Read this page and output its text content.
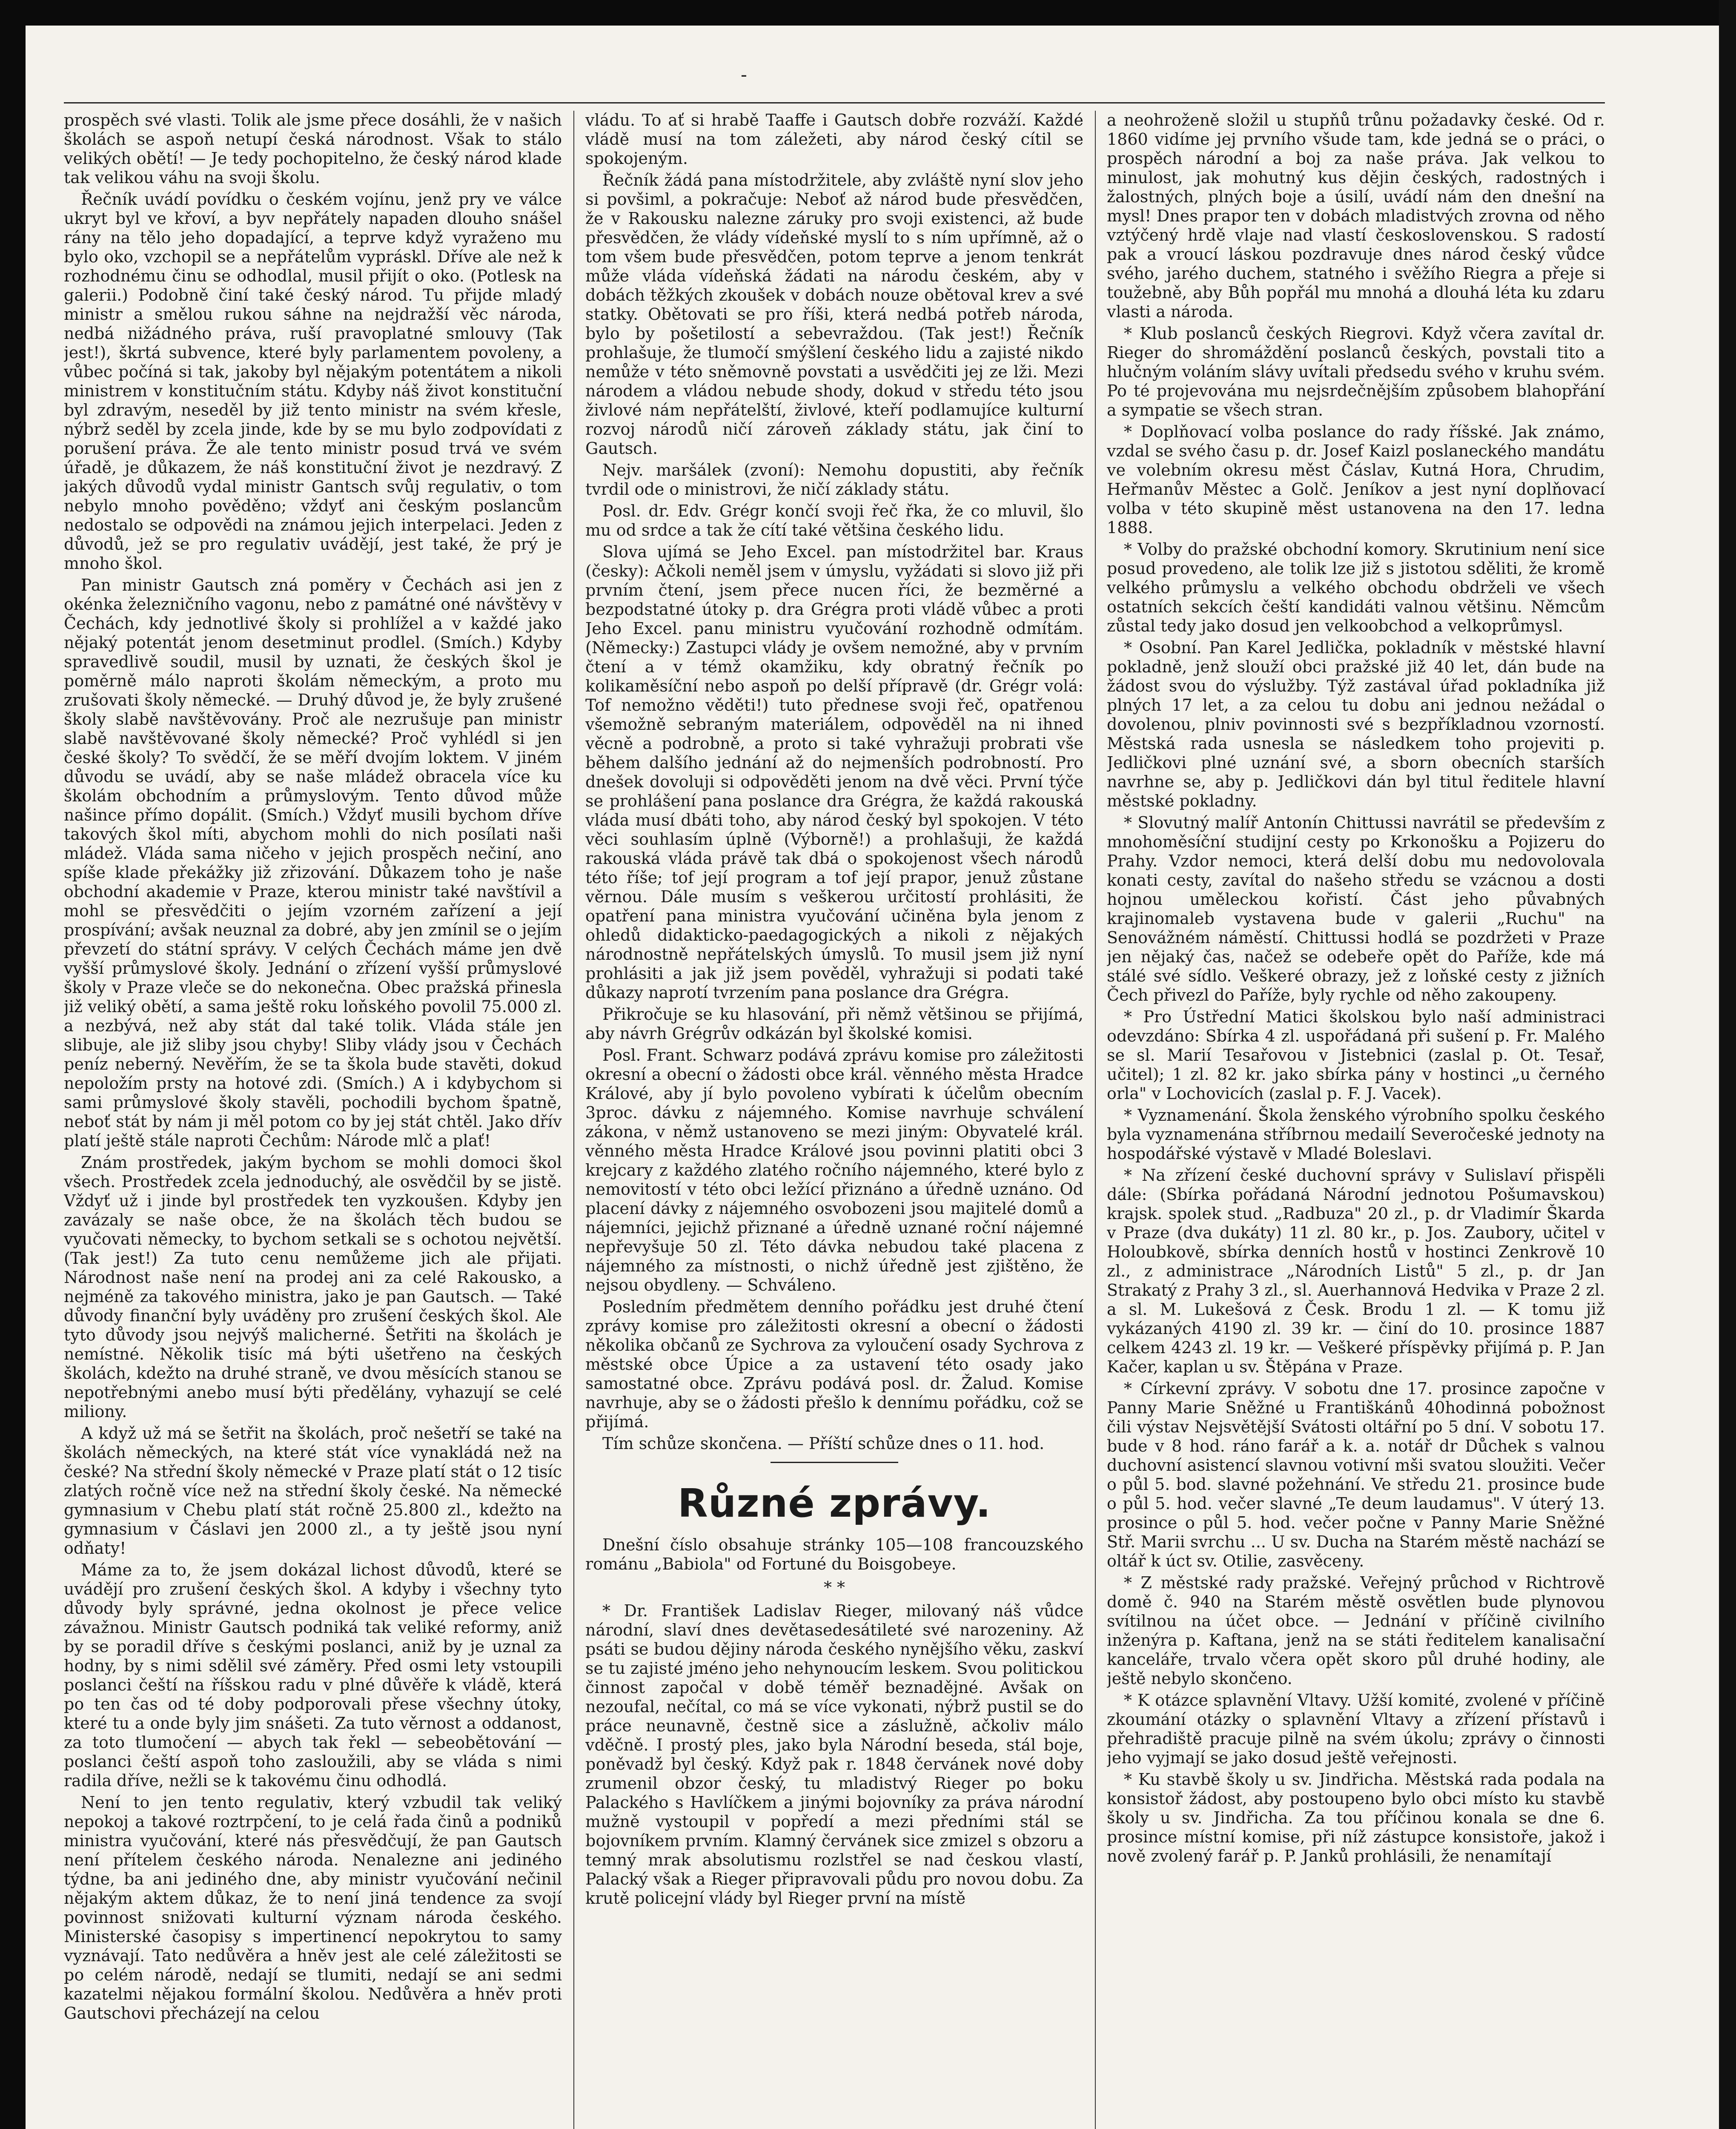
prospěch své vlasti. Tolik ale jsme přece dosáhli, že v našich školách se aspoň netupí česká národnost. Však to stálo velikých obětí! — Je tedy pochopitelno, že český národ klade tak velikou váhu na svoji školu.

Řečník uvádí povídku o českém vojínu, jenž pry ve válce ukryt byl ve křoví, a byv nepřátely napaden dlouho snášel rány na tělo jeho dopadající, a teprve když vyraženo mu bylo oko, vzchopil se a nepřátelům vypráskl. Dříve ale než k rozhodnému činu se odhodlal, musil přijít o oko. (Potlesk na galerii.) Podobně činí také český národ. Tu přijde mladý ministr a smělou rukou sáhne na nejdražší věc národa, nedbá nižádného práva, ruší pravoplatné smlouvy (Tak jest!), škrtá subvence, které byly parlamentem povoleny, a vůbec počíná si tak, jakoby byl nějakým potentátem a nikoli ministrem v konstitučním státu. Kdyby náš život konstituční byl zdravým, neseděl by již tento ministr na svém křesle, nýbrž seděl by zcela jinde, kde by se mu bylo zodpovídati z porušení práva. Že ale tento ministr posud trvá ve svém úřadě, je důkazem, že náš konstituční život je nezdravý. Z jakých důvodů vydal ministr Gantsch svůj regulativ, o tom nebylo mnoho pověděno; vždyť ani českým poslancům nedostalo se odpovědi na známou jejich interpelaci. Jeden z důvodů, jež se pro regulativ uvádějí, jest také, že prý je mnoho škol.

Pan ministr Gautsch zná poměry v Čechách asi jen z okénka železničního vagonu, nebo z památné oné návštěvy v Čechách, kdy jednotlivé školy si prohlížel a v každé jako nějaký potentát jenom desetminut prodlel. (Smích.) Kdyby spravedlivě soudil, musil by uznati, že českých škol je poměrně málo naproti školám německým, a proto mu zrušovati školy německé. — Druhý důvod je, že byly zrušené školy slabě navštěvovány. Proč ale nezrušuje pan ministr slabě navštěvované školy německé? Proč vyhlédl si jen české školy? To svědčí, že se měří dvojím loktem. V jiném důvodu se uvádí, aby se naše mládež obracela více ku školám obchodním a průmyslovým. Tento důvod může našince přímo dopálit. (Smích.) Vždyť musili bychom dříve takových škol míti, abychom mohli do nich posílati naši mládež. Vláda sama ničeho v jejich prospěch nečiní, ano spíše klade překážky již zřizování. Důkazem toho je naše obchodní akademie v Praze, kterou ministr také navštívil a mohl se přesvědčiti o jejím vzorném zařízení a její prospívání; avšak neuznal za dobré, aby jen zmínil se o jejím převzetí do státní správy. V celých Čechách máme jen dvě vyšší průmyslové školy. Jednání o zřízení vyšší průmyslové školy v Praze vleče se do nekonečna. Obec pražská přinesla již veliký obětí, a sama ještě roku loňského povolil 75.000 zl. a nezbývá, než aby stát dal také tolik. Vláda stále jen slibuje, ale již sliby jsou chyby! Sliby vlády jsou v Čechách peníz neberný. Nevěřím, že se ta škola bude stavěti, dokud nepoložím prsty na hotové zdi. (Smích.) A i kdybychom si sami průmyslové školy stavěli, pochodili bychom špatně, neboť stát by nám ji měl potom co by jej stát chtěl. Jako dřív platí ještě stále naproti Čechům: Národe mlč a plať!

Znám prostředek, jakým bychom se mohli domoci škol všech. Prostředek zcela jednoduchý, ale osvědčil by se jistě. Vždyť už i jinde byl prostředek ten vyzkoušen. Kdyby jen zavázaly se naše obce, že na školách těch budou se vyučovati německy, to bychom setkali se s ochotou největší. (Tak jest!) Za tuto cenu nemůžeme jich ale přijati. Národnost naše není na prodej ani za celé Rakousko, a nejméně za takového ministra, jako je pan Gautsch. — Také důvody finanční byly uváděny pro zrušení českých škol. Ale tyto důvody jsou nejvýš malicherné. Šetřiti na školách je nemístné. Několik tisíc má býti ušetřeno na českých školách, kdežto na druhé straně, ve dvou měsících stanou se nepotřebnými anebo musí býti předělány, vyhazují se celé miliony.

A když už má se šetřit na školách, proč nešetří se také na školách německých, na které stát více vynakládá než na české? Na střední školy německé v Praze platí stát o 12 tisíc zlatých ročně více než na střední školy české. Na německé gymnasium v Chebu platí stát ročně 25.800 zl., kdežto na gymnasium v Čáslavi jen 2000 zl., a ty ještě jsou nyní odňaty!

Máme za to, že jsem dokázal lichost důvodů, které se uvádějí pro zrušení českých škol. A kdyby i všechny tyto důvody byly správné, jedna okolnost je přece velice závažnou. Ministr Gautsch podniká tak veliké reformy, aniž by se poradil dříve s českými poslanci, aniž by je uznal za hodny, by s nimi sdělil své záměry. Před osmi lety vstoupili poslanci čeští na říšskou radu v plné důvěře k vládě, která po ten čas od té doby podporovali přese všechny útoky, které tu a onde byly jim snášeti. Za tuto věrnost a oddanost, za toto tlumočení — abych tak řekl — sebeobětování — poslanci čeští aspoň toho zasloužili, aby se vláda s nimi radila dříve, nežli se k takovému činu odhodlá.

Není to jen tento regulativ, který vzbudil tak veliký nepokoj a takové roztrpčení, to je celá řada činů a podniků ministra vyučování, které nás přesvědčují, že pan Gautsch není přítelem českého národa. Nenalezne ani jediného týdne, ba ani jediného dne, aby ministr vyučování nečinil nějakým aktem důkaz, že to není jiná tendence za svojí povinnost snižovati kulturní význam národa českého. Ministerské časopisy s impertinencí nepokrytou to samy vyznávají. Tato nedůvěra a hněv jest ale celé záležitosti se po celém národě, nedají se tlumiti, nedají se ani sedmi kazatelmi nějakou formální školou. Nedůvěra a hněv proti Gautschovi přecházejí na celou

vládu. To ať si hrabě Taaffe i Gautsch dobře rozváží. Každé vládě musí na tom záležeti, aby národ český cítil se spokojeným.

Řečník žádá pana místodržitele, aby zvláště nyní slov jeho si povšiml, a pokračuje: Neboť až národ bude přesvědčen, že v Rakousku nalezne záruky pro svoji existenci, až bude přesvědčen, že vlády vídeňské myslí to s ním upřímně, až o tom všem bude přesvědčen, potom teprve a jenom tenkrát může vláda vídeňská žádati na národu českém, aby v dobách těžkých zkoušek v dobách nouze obětoval krev a své statky. Obětovati se pro říši, která nedbá potřeb národa, bylo by pošetilostí a sebevraždou. (Tak jest!) Řečník prohlašuje, že tlumočí smýšlení českého lidu a zajisté nikdo nemůže v této sněmovně povstati a usvědčiti jej ze lži. Mezi národem a vládou nebude shody, dokud v středu této jsou živlové nám nepřátelští, živlové, kteří podlamujíce kulturní rozvoj národů ničí zároveň základy státu, jak činí to Gautsch.

Nejv. maršálek (zvoní): Nemohu dopustiti, aby řečník tvrdil ode o ministrovi, že ničí základy státu.

Posl. dr. Edv. Grégr končí svoji řeč řka, že co mluvil, šlo mu od srdce a tak že cítí také většina českého lidu.

Slova ujímá se Jeho Excel. pan místodržitel bar. Kraus (česky): Ačkoli neměl jsem v úmyslu, vyžádati si slovo již při prvním čtení, jsem přece nucen říci, že bezměrné a bezpodstatné útoky p. dra Grégra proti vládě vůbec a proti Jeho Excel. panu ministru vyučování rozhodně odmítám. (Německy:) Zastupci vlády je ovšem nemožné, aby v prvním čtení a v témž okamžiku, kdy obratný řečník po kolikaměsíční nebo aspoň po delší přípravě (dr. Grégr volá: Tof nemožno věděti!) tuto přednese svoji řeč, opatřenou všemožně sebraným materiálem, odpověděl na ni ihned věcně a podrobně, a proto si také vyhražuji probrati vše během dalšího jednání až do nejmenších podrobností. Pro dnešek dovoluji si odpověděti jenom na dvě věci. První týče se prohlášení pana poslance dra Grégra, že každá rakouská vláda musí dbáti toho, aby národ český byl spokojen. V této věci souhlasím úplně (Výborně!) a prohlašuji, že každá rakouská vláda právě tak dbá o spokojenost všech národů této říše; tof její program a tof její prapor, jenuž zůstane věrnou. Dále musím s veškerou určitostí prohlásiti, že opatření pana ministra vyučování učiněna byla jenom z ohledů didakticko-paedagogických a nikoli z nějakých národnostně nepřátelských úmyslů. To musil jsem již nyní prohlásiti a jak již jsem pověděl, vyhražuji si podati také důkazy naprotí tvrzením pana poslance dra Grégra.

Přikročuje se ku hlasování, při němž většinou se přijímá, aby návrh Grégrův odkázán byl školské komisi.

Posl. Frant. Schwarz podává zprávu komise pro záležitosti okresní a obecní o žádosti obce král. věnného města Hradce Králové, aby jí bylo povoleno vybírati k účelům obecním 3proc. dávku z nájemného. Komise navrhuje schválení zákona, v němž ustanoveno se mezi jiným: Obyvatelé král. věnného města Hradce Králové jsou povinni platiti obci 3 krejcary z každého zlatého ročního nájemného, které bylo z nemovitostí v této obci ležící přiznáno a úředně uznáno. Od placení dávky z nájemného osvobozeni jsou majitelé domů a nájemníci, jejichž přiznané a úředně uznané roční nájemné nepřevyšuje 50 zl. Této dávka nebudou také placena z nájemného za místnosti, o nichž úředně jest zjištěno, že nejsou obydleny. — Schváleno.

Posledním předmětem denního pořádku jest druhé čtení zprávy komise pro záležitosti okresní a obecní o žádosti několika občanů ze Sychrova za vyloučení osady Sychrova z městské obce Úpice a za ustavení této osady jako samostatné obce. Zprávu podává posl. dr. Žalud. Komise navrhuje, aby se o žádosti přešlo k dennímu pořádku, což se přijímá.

Tím schůze skončena. — Příští schůze dnes o 11. hod.

Různé zprávy.

Dnešní číslo obsahuje stránky 105—108 francouzského románu „Babiola" od Fortuné du Boisgobeye.

* *

* Dr. František Ladislav Rieger, milovaný náš vůdce národní, slaví dnes devětasedesátileté své narozeniny. Až psáti se budou dějiny národa českého nynějšího věku, zaskví se tu zajisté jméno jeho nehynoucím leskem. Svou politickou činnost započal v době téměř beznadějné. Avšak on nezoufal, nečítal, co má se více vykonati, nýbrž pustil se do práce neunavně, čestně sice a záslužně, ačkoliv málo vděčně. I prostý ples, jako byla Národní beseda, stál boje, poněvadž byl český. Když pak r. 1848 červánek nové doby zrumenil obzor český, tu mladistvý Rieger po boku Palackého s Havlíčkem a jinými bojovníky za práva národní mužně vystoupil v popředí a mezi předními stál se bojovníkem prvním. Klamný červánek sice zmizel s obzoru a temný mrak absolutismu rozlstřel se nad českou vlastí, Palacký však a Rieger připravovali půdu pro novou dobu. Za krutě policejní vlády byl Rieger první na místě

a neohroženě složil u stupňů trůnu požadavky české. Od r. 1860 vidíme jej prvního všude tam, kde jedná se o práci, o prospěch národní a boj za naše práva. Jak velkou to minulost, jak mohutný kus dějin českých, radostných i žalostných, plných boje a úsilí, uvádí nám den dnešní na mysl! Dnes prapor ten v dobách mladistvých zrovna od něho vztýčený hrdě vlaje nad vlastí československou. S radostí pak a vroucí láskou pozdravuje dnes národ český vůdce svého, jarého duchem, statného i svěžího Riegra a přeje si toužebně, aby Bůh popřál mu mnohá a dlouhá léta ku zdaru vlasti a národa.

* Klub poslanců českých Riegrovi. Když včera zavítal dr. Rieger do shromáždění poslanců českých, povstali tito a hlučným voláním slávy uvítali předsedu svého v kruhu svém. Po té projevována mu nejsrdečnějším způsobem blahopřání a sympatie se všech stran.

* Doplňovací volba poslance do rady říšské. Jak známo, vzdal se svého času p. dr. Josef Kaizl poslaneckého mandátu ve volebním okresu měst Čáslav, Kutná Hora, Chrudim, Heřmanův Městec a Golč. Jeníkov a jest nyní doplňovací volba v této skupině měst ustanovena na den 17. ledna 1888.

* Volby do pražské obchodní komory. Skrutinium není sice posud provedeno, ale tolik lze již s jistotou sděliti, že kromě velkého průmyslu a velkého obchodu obdrželi ve všech ostatních sekcích čeští kandidáti valnou většinu. Němcům zůstal tedy jako dosud jen velkoobchod a velkoprůmysl.

* Osobní. Pan Karel Jedlička, pokladník v městské hlavní pokladně, jenž slouží obci pražské již 40 let, dán bude na žádost svou do výslužby. Týž zastával úřad pokladníka již plných 17 let, a za celou tu dobu ani jednou nežádal o dovolenou, plniv povinnosti své s bezpříkladnou vzorností. Městská rada usnesla se následkem toho projeviti p. Jedličkovi plné uznání své, a sborn obecních starších navrhne se, aby p. Jedličkovi dán byl titul ředitele hlavní městské pokladny.

* Slovutný malíř Antonín Chittussi navrátil se především z mnohoměsíční studijní cesty po Krkonošku a Pojizeru do Prahy. Vzdor nemoci, která delší dobu mu nedovolovala konati cesty, zavítal do našeho středu se vzácnou a dosti hojnou uměleckou kořistí. Část jeho půvabných krajinomaleb vystavena bude v galerii „Ruchu" na Senovážném náměstí. Chittussi hodlá se pozdržeti v Praze jen nějaký čas, načež se odebeře opět do Paříže, kde má stálé své sídlo. Veškeré obrazy, jež z loňské cesty z jižních Čech přivezl do Paříže, byly rychle od něho zakoupeny.

* Pro Ústřední Matici školskou bylo naší administraci odevzdáno: Sbírka 4 zl. uspořádaná při sušení p. Fr. Malého se sl. Marií Tesařovou v Jistebnici (zaslal p. Ot. Tesař, učitel); 1 zl. 82 kr. jako sbírka pány v hostinci „u černého orla" v Lochovicích (zaslal p. F. J. Vacek).

* Vyznamenání. Škola ženského výrobního spolku českého byla vyznamenána stříbrnou medailí Severočeské jednoty na hospodářské výstavě v Mladé Boleslavi.

* Na zřízení české duchovní správy v Sulislaví přispěli dále: (Sbírka pořádaná Národní jednotou Pošumavskou) krajsk. spolek stud. „Radbuza" 20 zl., p. dr Vladimír Škarda v Praze (dva dukáty) 11 zl. 80 kr., p. Jos. Zaubory, učitel v Holoubkově, sbírka denních hostů v hostinci Zenkrově 10 zl., z administrace „Národních Listů" 5 zl., p. dr Jan Strakatý z Prahy 3 zl., sl. Auerhannová Hedvika v Praze 2 zl. a sl. M. Lukešová z Česk. Brodu 1 zl. — K tomu již vykázaných 4190 zl. 39 kr. — činí do 10. prosince 1887 celkem 4243 zl. 19 kr. — Veškeré příspěvky přijímá p. P. Jan Kačer, kaplan u sv. Štěpána v Praze.

* Církevní zprávy. V sobotu dne 17. prosince započne v Panny Marie Sněžné u Františkánů 40hodinná pobožnost čili výstav Nejsvětější Svátosti oltářní po 5 dní. V sobotu 17. bude v 8 hod. ráno farář a k. a. notář dr Důchek s valnou duchovní asistencí slavnou votivní mši svatou sloužiti. Večer o půl 5. bod. slavné požehnání. Ve středu 21. prosince bude o půl 5. hod. večer slavné „Te deum laudamus". V úterý 13. prosince o půl 5. hod. večer počne v Panny Marie Sněžné Stř. Marii svrchu ... U sv. Ducha na Starém městě nachází se oltář k úct sv. Otilie, zasvěceny.

* Z městské rady pražské. Veřejný průchod v Richtrově domě č. 940 na Starém městě osvětlen bude plynovou svítilnou na účet obce. — Jednání v příčině civilního inženýra p. Kaftana, jenž na se státi ředitelem kanalisační kanceláře, trvalo včera opět skoro půl druhé hodiny, ale ještě nebylo skončeno.

* K otázce splavnění Vltavy. Užší komité, zvolené v příčině zkoumání otázky o splavnění Vltavy a zřízení přístavů i přehradiště pracuje pilně na svém úkolu; zprávy o činnosti jeho vyjmají se jako dosud ještě veřejnosti.

* Ku stavbě školy u sv. Jindřicha. Městská rada podala na konsistoř žádost, aby postoupeno bylo obci místo ku stavbě školy u sv. Jindřicha. Za tou příčinou konala se dne 6. prosince místní komise, při níž zástupce konsistoře, jakož i nově zvolený farář p. P. Janků prohlásili, že nenamítají

-
